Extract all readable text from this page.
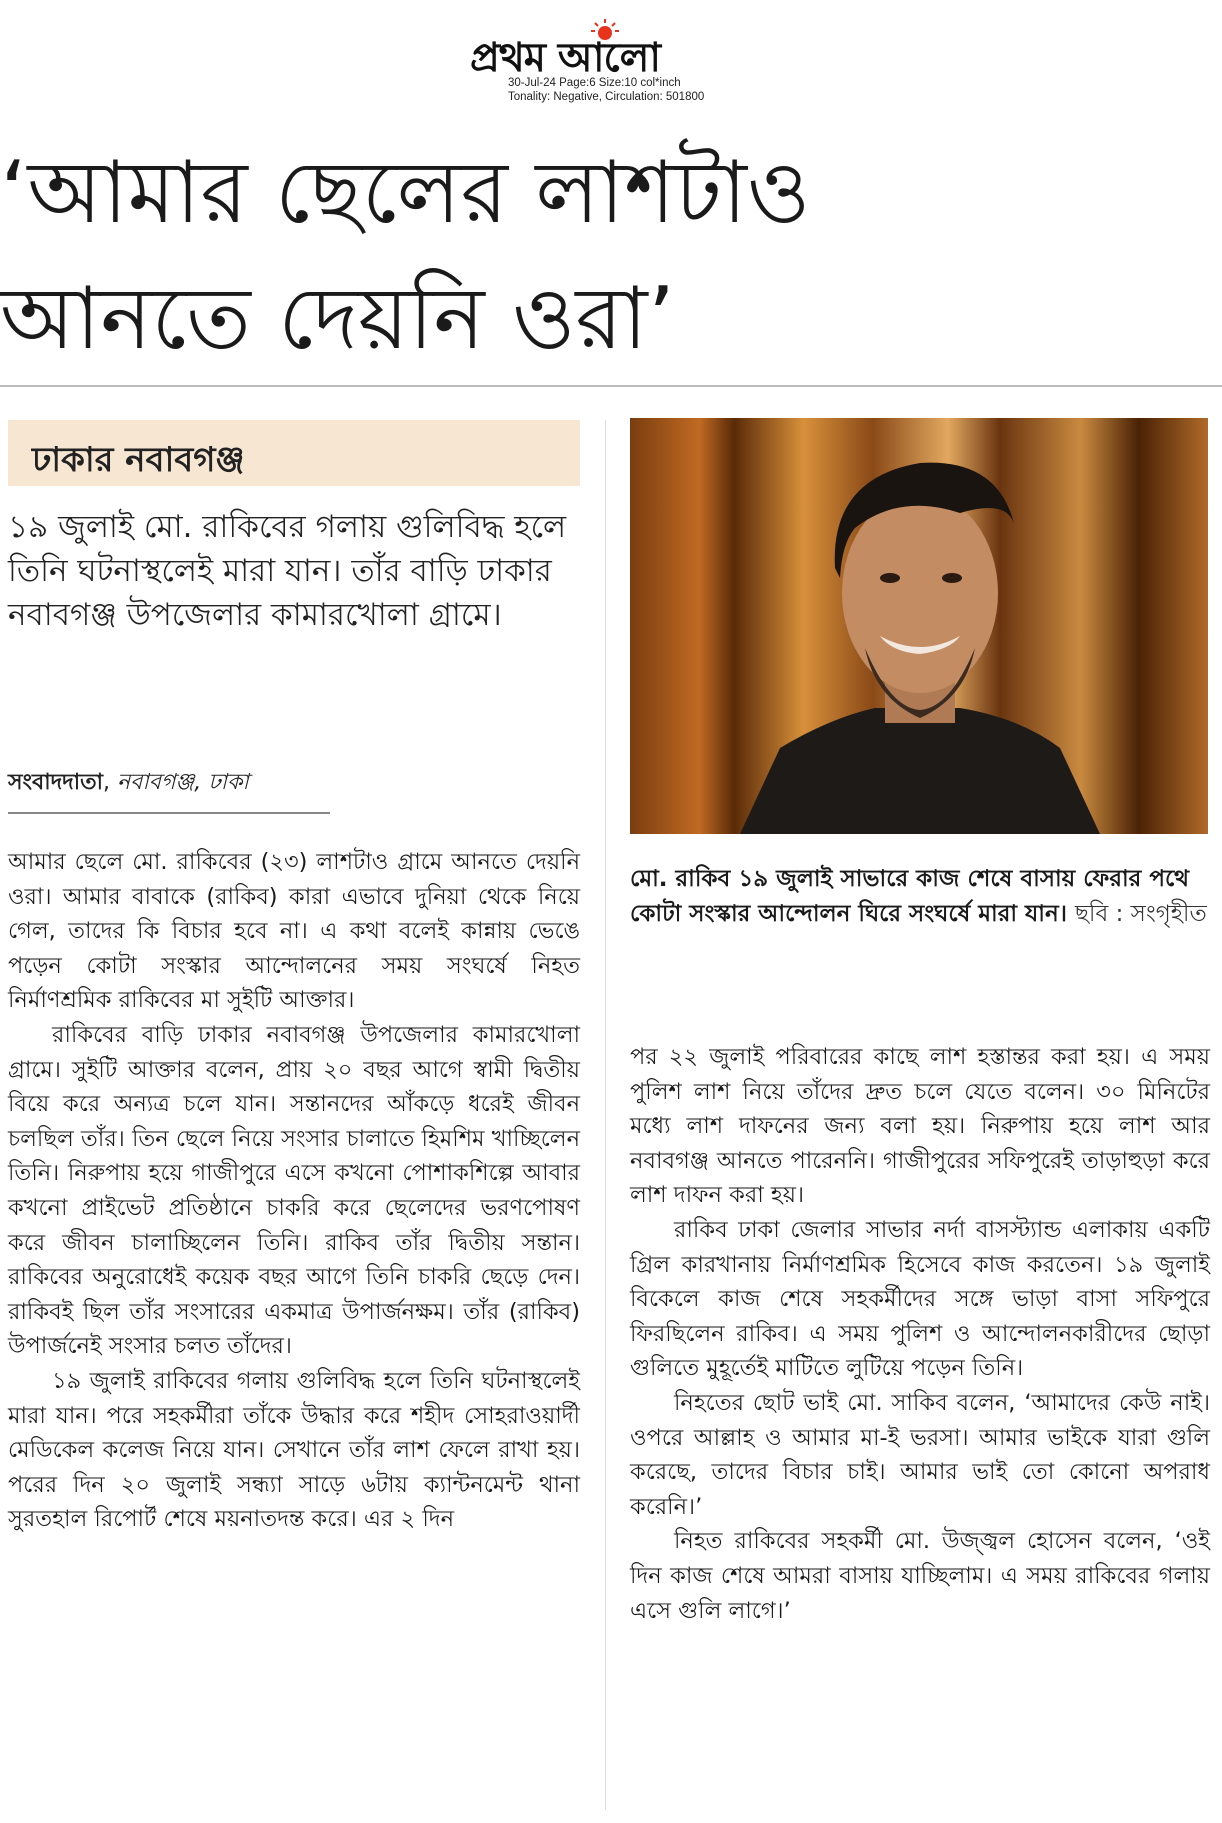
প্রথম আলো
30-Jul-24 Page:6 Size:10 col*inch
Tonality: Negative, Circulation: 501800
‘আমার ছেলের লাশটাও
আনতে দেয়নি ওরা’
ঢাকার নবাবগঞ্জ
১৯ জুলাই মো. রাকিবের গলায় গুলিবিদ্ধ হলে তিনি ঘটনাস্থলেই মারা যান। তাঁর বাড়ি ঢাকার নবাবগঞ্জ উপজেলার কামারখোলা গ্রামে।
সংবাদদাতা, নবাবগঞ্জ, ঢাকা

আমার ছেলে মো. রাকিবের (২৩) লাশটাও গ্রামে আনতে দেয়নি ওরা। আমার বাবাকে (রাকিব) কারা এভাবে দুনিয়া থেকে নিয়ে গেল, তাদের কি বিচার হবে না। এ কথা বলেই কান্নায় ভেঙে পড়েন কোটা সংস্কার আন্দোলনের সময় সংঘর্ষে নিহত নির্মাণশ্রমিক রাকিবের মা সুইটি আক্তার।

রাকিবের বাড়ি ঢাকার নবাবগঞ্জ উপজেলার কামারখোলা গ্রামে। সুইটি আক্তার বলেন, প্রায় ২০ বছর আগে স্বামী দ্বিতীয় বিয়ে করে অন্যত্র চলে যান। সন্তানদের আঁকড়ে ধরেই জীবন চলছিল তাঁর। তিন ছেলে নিয়ে সংসার চালাতে হিমশিম খাচ্ছিলেন তিনি। নিরুপায় হয়ে গাজীপুরে এসে কখনো পোশাকশিল্পে আবার কখনো প্রাইভেট প্রতিষ্ঠানে চাকরি করে ছেলেদের ভরণপোষণ করে জীবন চালাচ্ছিলেন তিনি। রাকিব তাঁর দ্বিতীয় সন্তান। রাকিবের অনুরোধেই কয়েক বছর আগে তিনি চাকরি ছেড়ে দেন। রাকিবই ছিল তাঁর সংসারের একমাত্র উপার্জনক্ষম। তাঁর (রাকিব) উপার্জনেই সংসার চলত তাঁদের।

১৯ জুলাই রাকিবের গলায় গুলিবিদ্ধ হলে তিনি ঘটনাস্থলেই মারা যান। পরে সহকর্মীরা তাঁকে উদ্ধার করে শহীদ সোহরাওয়ার্দী মেডিকেল কলেজ নিয়ে যান। সেখানে তাঁর লাশ ফেলে রাখা হয়। পরের দিন ২০ জুলাই সন্ধ্যা সাড়ে ৬টায় ক্যান্টনমেন্ট থানা সুরতহাল রিপোর্ট শেষে ময়নাতদন্ত করে। এর ২ দিন

মো. রাকিব ১৯ জুলাই সাভারে কাজ শেষে বাসায় ফেরার পথে কোটা সংস্কার আন্দোলন ঘিরে সংঘর্ষে মারা যান। ছবি : সংগৃহীত

পর ২২ জুলাই পরিবারের কাছে লাশ হস্তান্তর করা হয়। এ সময় পুলিশ লাশ নিয়ে তাঁদের দ্রুত চলে যেতে বলেন। ৩০ মিনিটের মধ্যে লাশ দাফনের জন্য বলা হয়। নিরুপায় হয়ে লাশ আর নবাবগঞ্জ আনতে পারেননি। গাজীপুরের সফিপুরেই তাড়াহুড়া করে লাশ দাফন করা হয়।

রাকিব ঢাকা জেলার সাভার নর্দা বাসস্ট্যান্ড এলাকায় একটি গ্রিল কারখানায় নির্মাণশ্রমিক হিসেবে কাজ করতেন। ১৯ জুলাই বিকেলে কাজ শেষে সহকর্মীদের সঙ্গে ভাড়া বাসা সফিপুরে ফিরছিলেন রাকিব। এ সময় পুলিশ ও আন্দোলনকারীদের ছোড়া গুলিতে মুহূর্তেই মাটিতে লুটিয়ে পড়েন তিনি।

নিহতের ছোট ভাই মো. সাকিব বলেন, ‘আমাদের কেউ নাই। ওপরে আল্লাহ ও আমার মা-ই ভরসা। আমার ভাইকে যারা গুলি করেছে, তাদের বিচার চাই। আমার ভাই তো কোনো অপরাধ করেনি।’

নিহত রাকিবের সহকর্মী মো. উজ্জ্বল হোসেন বলেন, ‘ওই দিন কাজ শেষে আমরা বাসায় যাচ্ছিলাম। এ সময় রাকিবের গলায় এসে গুলি লাগে।’
